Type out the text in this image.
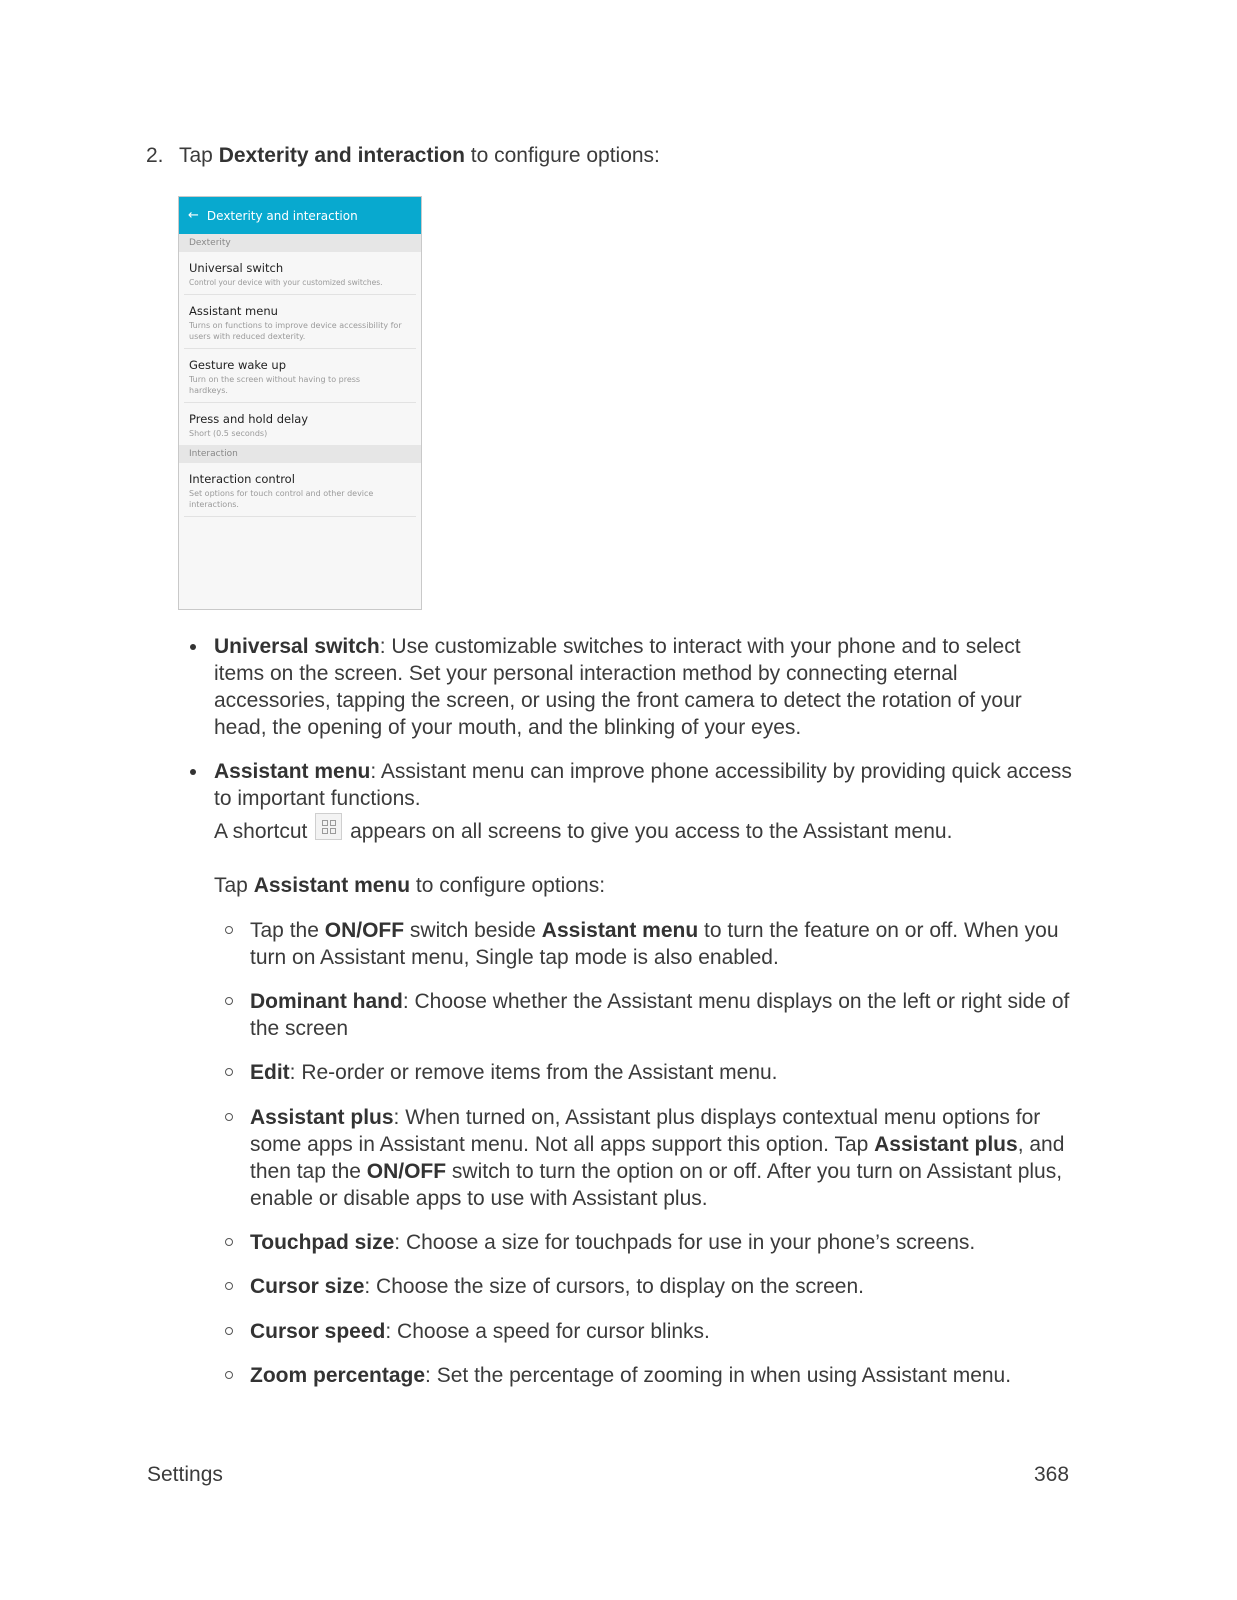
2. Tap Dexterity and interaction to configure options:
← Dexterity and interaction
Dexterity
Universal switch
Control your device with your customized switches.
Assistant menu
Turns on functions to improve device accessibility for users with reduced dexterity.
Gesture wake up
Turn on the screen without having to press hardkeys.
Press and hold delay
Short (0.5 seconds)
Interaction
Interaction control
Set options for touch control and other device interactions.
Universal switch: Use customizable switches to interact with your phone and to select items on the screen. Set your personal interaction method by connecting eternal accessories, tapping the screen, or using the front camera to detect the rotation of your head, the opening of your mouth, and the blinking of your eyes.
Assistant menu: Assistant menu can improve phone accessibility by providing quick access to important functions.
A shortcut appears on all screens to give you access to the Assistant menu.
Tap Assistant menu to configure options:
Tap the ON/OFF switch beside Assistant menu to turn the feature on or off. When you turn on Assistant menu, Single tap mode is also enabled.
Dominant hand: Choose whether the Assistant menu displays on the left or right side of the screen
Edit: Re-order or remove items from the Assistant menu.
Assistant plus: When turned on, Assistant plus displays contextual menu options for some apps in Assistant menu. Not all apps support this option. Tap Assistant plus, and then tap the ON/OFF switch to turn the option on or off. After you turn on Assistant plus, enable or disable apps to use with Assistant plus.
Touchpad size: Choose a size for touchpads for use in your phone’s screens.
Cursor size: Choose the size of cursors, to display on the screen.
Cursor speed: Choose a speed for cursor blinks.
Zoom percentage: Set the percentage of zooming in when using Assistant menu.
Settings	368
